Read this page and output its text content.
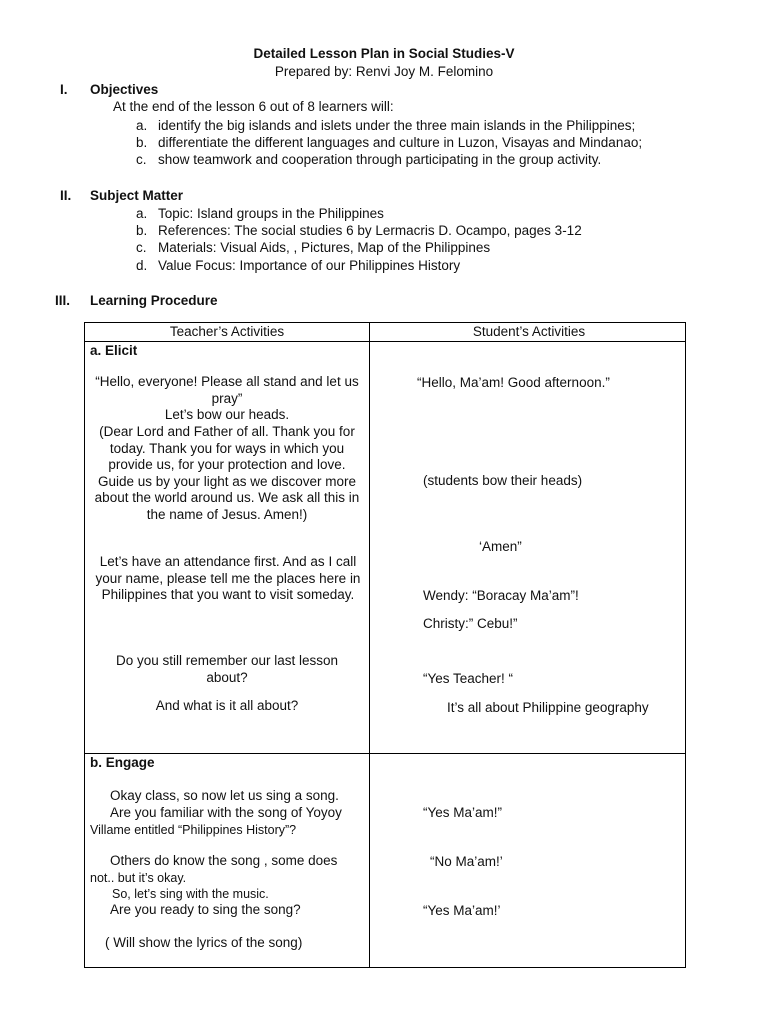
Detailed Lesson Plan in Social Studies-V
Prepared by: Renvi Joy M. Felomino
I. Objectives
At the end of the lesson 6 out of 8 learners will:
a. identify the big islands and islets under the three main islands in the Philippines;
b. differentiate the different languages and culture in Luzon, Visayas and Mindanao;
c. show teamwork and cooperation through participating in the group activity.
II. Subject Matter
a. Topic: Island groups in the Philippines
b. References: The social studies 6 by Lermacris D. Ocampo, pages 3-12
c. Materials: Visual Aids, , Pictures, Map of the Philippines
d. Value Focus: Importance of our Philippines History
III. Learning Procedure
Teacher’s Activities	Student’s Activities
a. Elicit
“Hello, everyone! Please all stand and let us pray”
Let’s bow our heads.
(Dear Lord and Father of all. Thank you for today. Thank you for ways in which you provide us, for your protection and love. Guide us by your light as we discover more about the world around us. We ask all this in the name of Jesus. Amen!)
Let’s have an attendance first. And as I call your name, please tell me the places here in Philippines that you want to visit someday.
Do you still remember our last lesson about?
And what is it all about?
“Hello, Ma’am! Good afternoon.”
(students bow their heads)
‘Amen”
Wendy: “Boracay Ma’am”!
Christy:” Cebu!”
“Yes Teacher! “
It’s all about Philippine geography
b. Engage
Okay class, so now let us sing a song.
Are you familiar with the song of Yoyoy
Villame entitled “Philippines History”?
Others do know the song , some does
not.. but it’s okay.
So, let’s sing with the music.
Are you ready to sing the song?
( Will show the lyrics of the song)
“Yes Ma’am!”
“No Ma’am!’
“Yes Ma’am!’
